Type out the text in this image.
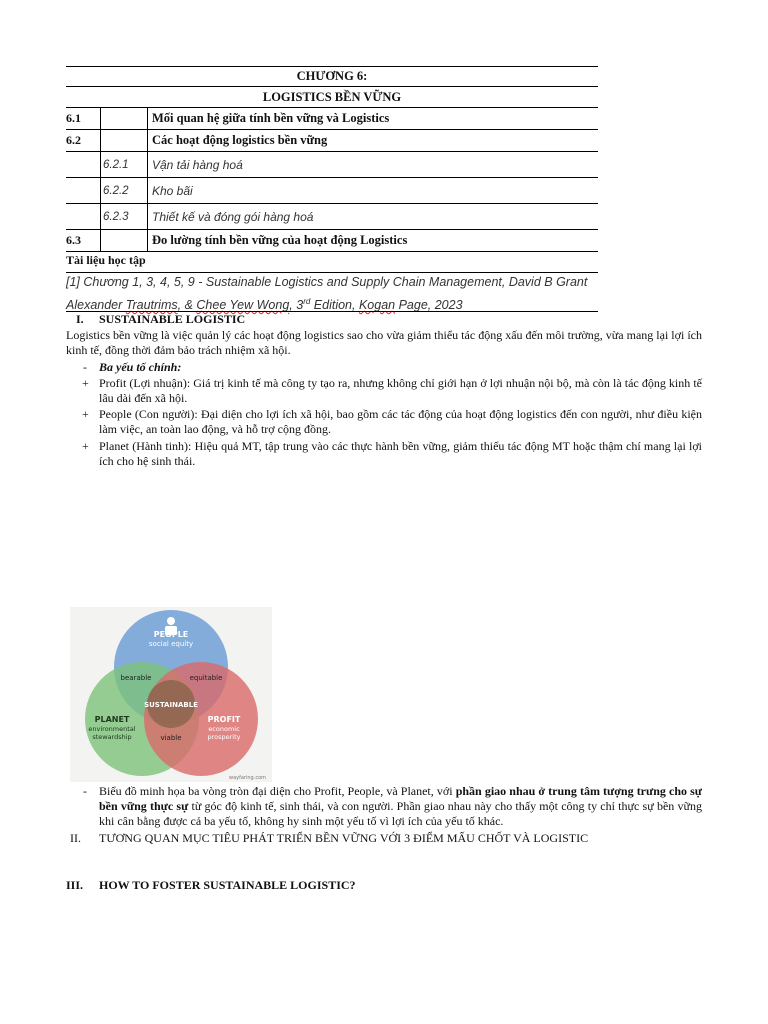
CHƯƠNG 6:
LOGISTICS BỀN VỮNG
6.1	Mối quan hệ giữa tính bền vững và Logistics
6.2	Các hoạt động logistics bền vững
6.2.1	Vận tải hàng hoá
6.2.2	Kho bãi
6.2.3	Thiết kế và đóng gói hàng hoá
6.3	Đo lường tính bền vững của hoạt động Logistics
Tài liệu học tập
[1] Chương 1, 3, 4, 5, 9 - Sustainable Logistics and Supply Chain Management, David B Grant
Alexander Trautrims, & Chee Yew Wong, 3rd Edition, Kogan Page, 2023
I. SUSTAINABLE LOGISTIC
Logistics bền vững là việc quản lý các hoạt động logistics sao cho vừa giảm thiểu tác động xấu đến môi trường, vừa mang lại lợi ích kinh tế, đồng thời đảm bảo trách nhiệm xã hội.
- Ba yếu tố chính:
+ Profit (Lợi nhuận): Giá trị kinh tế mà công ty tạo ra, nhưng không chỉ giới hạn ở lợi nhuận nội bộ, mà còn là tác động kinh tế lâu dài đến xã hội.
+ People (Con người): Đại diện cho lợi ích xã hội, bao gồm các tác động của hoạt động logistics đến con người, như điều kiện làm việc, an toàn lao động, và hỗ trợ cộng đồng.
+ Planet (Hành tinh): Hiệu quả MT, tập trung vào các thực hành bền vững, giảm thiểu tác động MT hoặc thậm chí mang lại lợi ích cho hệ sinh thái.
PEOPLE
social equity
bearable	equitable
SUSTAINABLE
PLANET
environmental
stewardship
PROFIT
economic
prosperity
viable
wayfaring.com
- Biểu đồ minh họa ba vòng tròn đại diện cho Profit, People, và Planet, với phần giao nhau ở trung tâm tượng trưng cho sự bền vững thực sự từ góc độ kinh tế, sinh thái, và con người. Phần giao nhau này cho thấy một công ty chỉ thực sự bền vững khi cân bằng được cả ba yếu tố, không hy sinh một yếu tố vì lợi ích của yếu tố khác.
II. TƯƠNG QUAN MỤC TIÊU PHÁT TRIỂN BỀN VỮNG VỚI 3 ĐIỂM MẤU CHỐT VÀ LOGISTIC
III. HOW TO FOSTER SUSTAINABLE LOGISTIC?
